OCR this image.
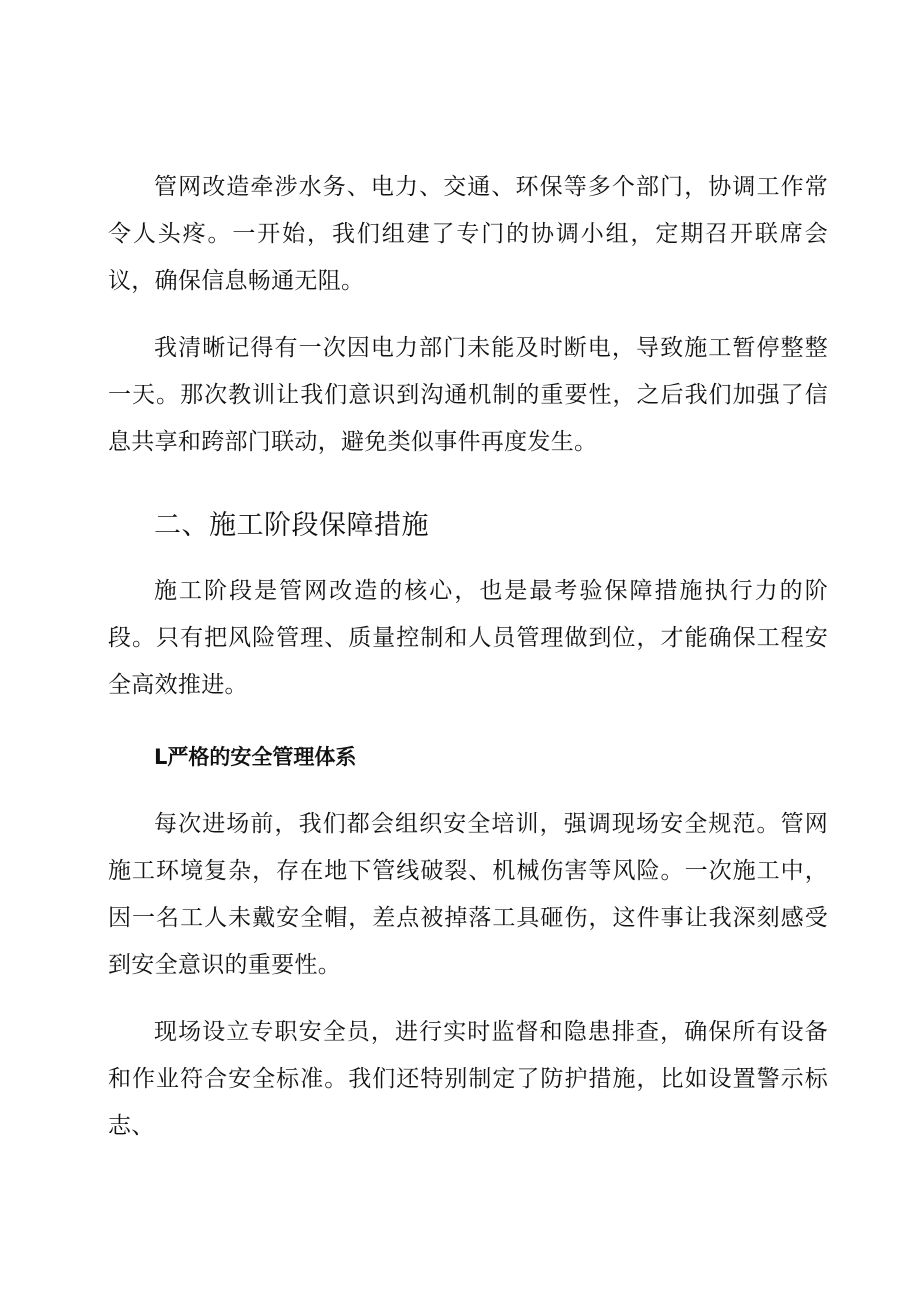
管网改造牵涉水务、电力、交通、环保等多个部门，协调工作常令人头疼。一开始，我们组建了专门的协调小组，定期召开联席会议，确保信息畅通无阻。

我清晰记得有一次因电力部门未能及时断电，导致施工暂停整整一天。那次教训让我们意识到沟通机制的重要性，之后我们加强了信息共享和跨部门联动，避免类似事件再度发生。

二、施工阶段保障措施

施工阶段是管网改造的核心，也是最考验保障措施执行力的阶段。只有把风险管理、质量控制和人员管理做到位，才能确保工程安全高效推进。

L严格的安全管理体系

每次进场前，我们都会组织安全培训，强调现场安全规范。管网施工环境复杂，存在地下管线破裂、机械伤害等风险。一次施工中，因一名工人未戴安全帽，差点被掉落工具砸伤，这件事让我深刻感受到安全意识的重要性。

现场设立专职安全员，进行实时监督和隐患排查，确保所有设备和作业符合安全标准。我们还特别制定了防护措施，比如设置警示标志、
